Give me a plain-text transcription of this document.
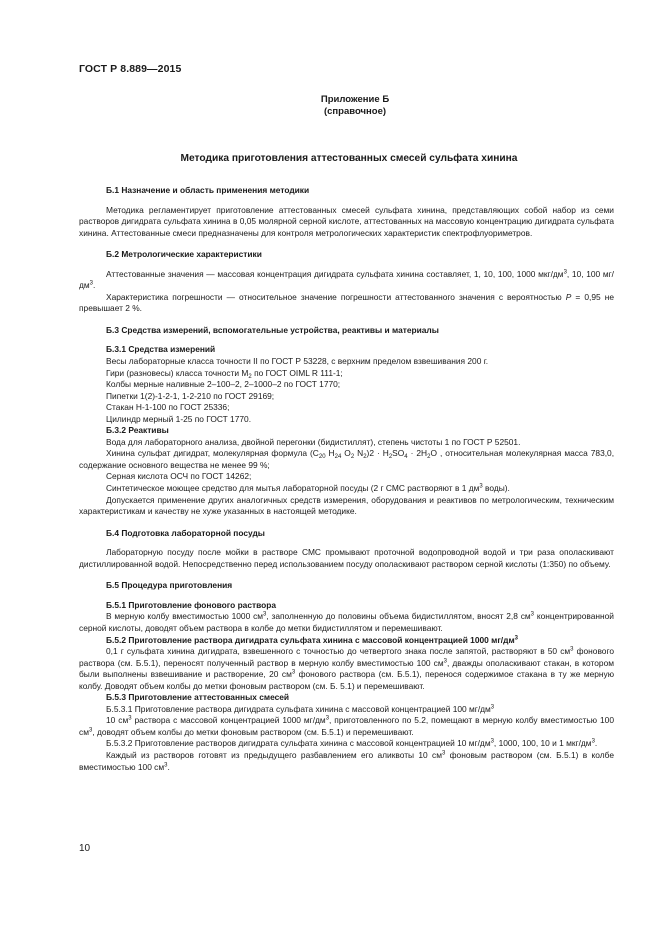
ГОСТ Р 8.889—2015
Приложение Б
(справочное)
Методика приготовления аттестованных смесей сульфата хинина

Б.1 Назначение и область применения методики

Методика регламентирует приготовление аттестованных смесей сульфата хинина, представляющих собой набор из семи растворов дигидрата сульфата хинина в 0,05 молярной серной кислоте, аттестованных на массовую концентрацию дигидрата сульфата хинина. Аттестованные смеси предназначены для контроля метрологических характеристик спектрофлуориметров.

Б.2 Метрологические характеристики

Аттестованные значения — массовая концентрация дигидрата сульфата хинина составляет, 1, 10, 100, 1000 мкг/$дм^3$, 10, 100 $мг/дм^3$.

Характеристика погрешности — относительное значение погрешности аттестованного значения с вероятностью P = 0,95 не превышает 2 %.

Б.3 Средства измерений, вспомогательные устройства, реактивы и материалы

Б.3.1 Средства измерений

Весы лабораторные класса точности II по ГОСТ Р 53228, с верхним пределом взвешивания 200 г.

Гири (разновесы) класса точности $М_2$ по ГОСТ OIML R 111-1;

Колбы мерные наливные 2–100–2, 2–1000–2 по ГОСТ 1770;

Пипетки 1(2)-1-2-1, 1-2-210 по ГОСТ 29169;

Стакан Н-1-100 по ГОСТ 25336;

Цилиндр мерный 1-25 по ГОСТ 1770.

Б.3.2 Реактивы

Вода для лабораторного анализа, двойной перегонки (бидистиллят), степень чистоты 1 по ГОСТ Р 52501.

Хинина сульфат дигидрат, молекулярная формула ($С_{20}$ $Н_{24}$ $О_2$ $N_2)2 \cdot H_2SO_4 \cdot 2H_2O$ , относительная молекулярная масса 783,0, содержание основного вещества не менее 99 %;

Серная кислота ОСЧ по ГОСТ 14262;

Синтетическое моющее средство для мытья лабораторной посуды (2 г СМС растворяют в 1 $дм^3$ воды).

Допускается применение других аналогичных средств измерения, оборудования и реактивов по метрологическим, техническим характеристикам и качеству не хуже указанных в настоящей методике.

Б.4 Подготовка лабораторной посуды

Лабораторную посуду после мойки в растворе СМС промывают проточной водопроводной водой и три раза ополаскивают дистиллированной водой. Непосредственно перед использованием посуду ополаскивают раствором серной кислоты (1:350) по объему.

Б.5 Процедура приготовления

Б.5.1 Приготовление фонового раствора

В мерную колбу вместимостью 1000 $см^3$, заполненную до половины объема бидистиллятом, вносят 2,8 $см^3$ концентрированной серной кислоты, доводят объем раствора в колбе до метки бидистиллятом и перемешивают.

Б.5.2 Приготовление раствора дигидрата сульфата хинина с массовой концентрацией 1000 $мг/дм^3$

0,1 г сульфата хинина дигидрата, взвешенного с точностью до четвертого знака после запятой, растворяют в 50 $см^3$ фонового раствора (см. Б.5.1), переносят полученный раствор в мерную колбу вместимостью 100 $см^3$, дважды ополаскивают стакан, в котором были выполнены взвешивание и растворение, 20 $см^3$ фонового раствора (см. Б.5.1), перенося содержимое стакана в ту же мерную колбу. Доводят объем колбы до метки фоновым раствором (см. Б. 5.1) и перемешивают.

Б.5.3 Приготовление аттестованных смесей

Б.5.3.1 Приготовление раствора дигидрата сульфата хинина с массовой концентрацией 100 $мг/дм^3$

10 $см^3$ раствора с массовой концентрацией 1000 $мг/дм^3$, приготовленного по 5.2, помещают в мерную колбу вместимостью 100 $см^3$, доводят объем колбы до метки фоновым раствором (см. Б.5.1) и перемешивают.

Б.5.3.2 Приготовление растворов дигидрата сульфата хинина с массовой концентрацией 10 $мг/дм^3$, 1000, 100, 10 и 1 мкг/$дм^3$.

Каждый из растворов готовят из предыдущего разбавлением его аликвоты 10 $см^3$ фоновым раствором (см. Б.5.1) в колбе вместимостью 100 $см^3$.

10
